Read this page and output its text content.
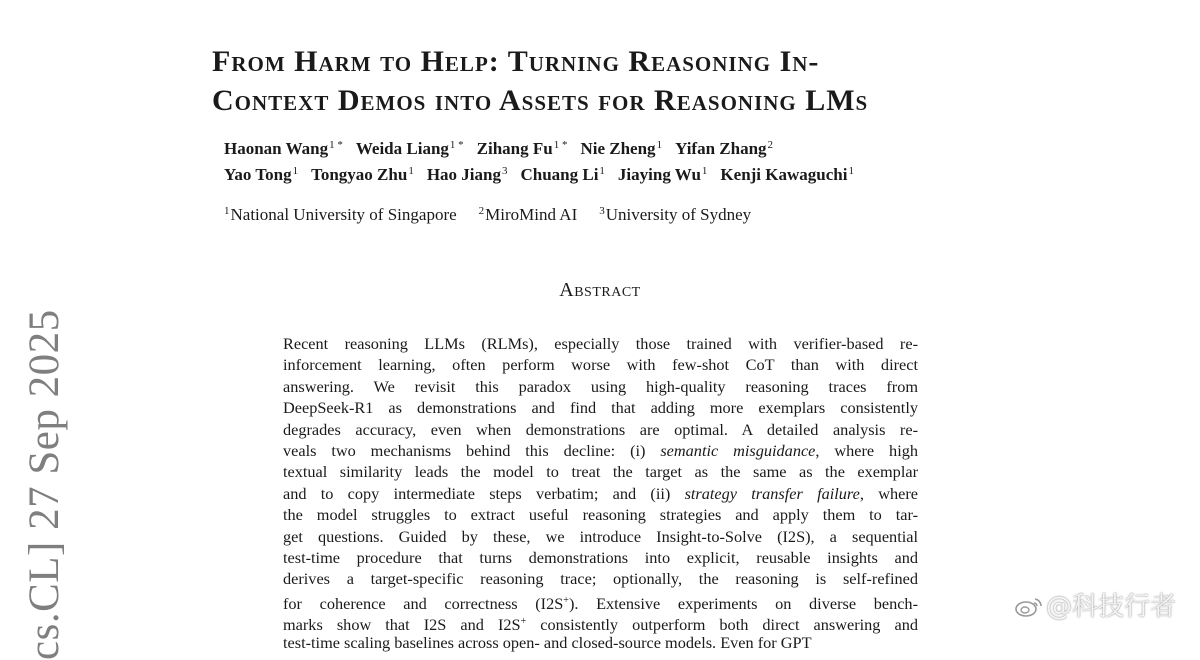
From Harm to Help: Turning Reasoning In-
Context Demos into Assets for Reasoning LMs
Haonan Wang$^{1 *}$ Weida Liang$^{1 *}$ Zihang $Fu^{1 *}$ Nie Zheng$^1$ Yifan Zhang$^2$
Yao Tong$^1$ Tongyao Zhu$^1$ Hao Jiang$^3$ Chuang Li$^1$ Jiaying Wu$^1$ Kenji Kawaguchi$^1$
$^1$National University of Singapore $^2$MiroMind AI $^3$University of Sydney
Abstract
Recent reasoning LLMs (RLMs), especially those trained with verifier-based re-
inforcement learning, often perform worse with few-shot CoT than with direct
answering. We revisit this paradox using high-quality reasoning traces from
DeepSeek-R1 as demonstrations and find that adding more exemplars consistently
degrades accuracy, even when demonstrations are optimal. A detailed analysis re-
veals two mechanisms behind this decline: (i) semantic misguidance, where high
textual similarity leads the model to treat the target as the same as the exemplar
and to copy intermediate steps verbatim; and (ii) strategy transfer failure, where
the model struggles to extract useful reasoning strategies and apply them to tar-
get questions. Guided by these, we introduce Insight-to-Solve (I2S), a sequential
test-time procedure that turns demonstrations into explicit, reusable insights and
derives a target-specific reasoning trace; optionally, the reasoning is self-refined
for coherence and correctness (I2S+). Extensive experiments on diverse bench-
marks show that I2S and I2S+ consistently outperform both direct answering and
test-time scaling baselines across open- and closed-source models. Even for GPT
cs.CL] 27 Sep 2025	@科技行者
